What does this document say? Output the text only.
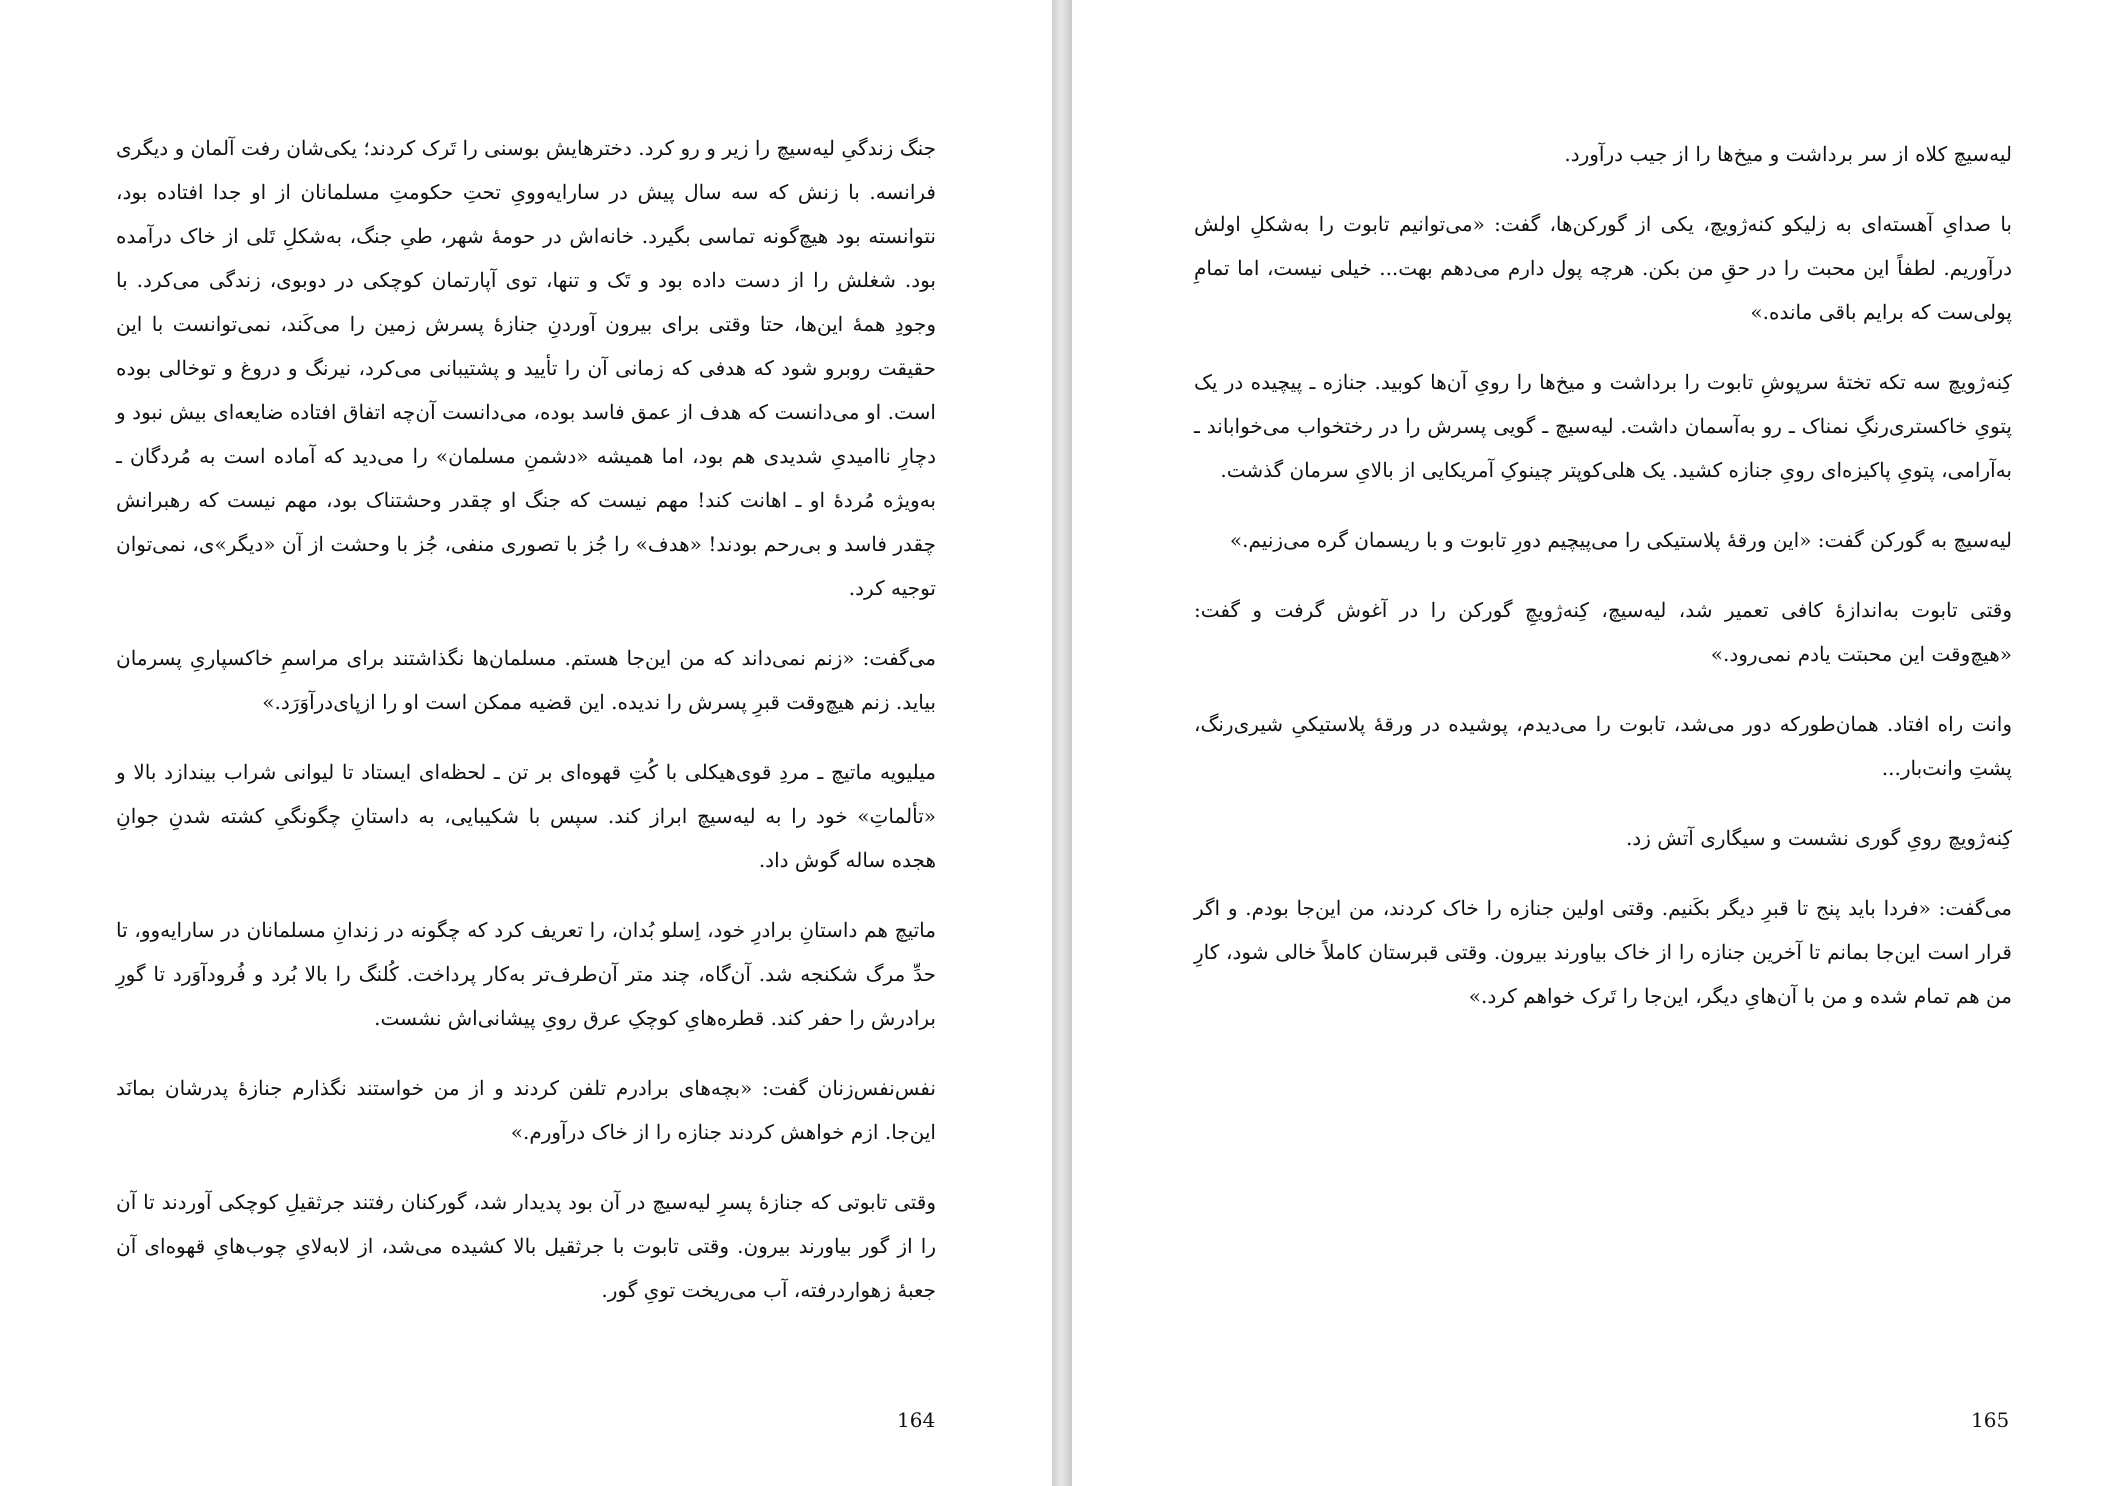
جنگ زندگیِ لیه‌سیچ را زیر و رو کرد. دخترهایش بوسنی را تَرک کردند؛ یکی‌شان رفت آلمان و دیگری فرانسه. با زنش که سه سال پیش در سارایه‌وویِ تحتِ حکومتِ مسلمانان از او جدا افتاده بود، نتوانسته بود هیچ‌گونه تماسی بگیرد. خانه‌اش در حومهٔ شهر، طیِ جنگ، به‌شکلِ تَلی از خاک درآمده بود. شغلش را از دست داده بود و تَک و تنها، توی آپارتمان کوچکی در دوبوی، زندگی می‌کرد. با وجودِ همهٔ این‌ها، حتا وقتی برای بیرون آوردنِ جنازهٔ پسرش زمین را می‌کَند، نمی‌توانست با این حقیقت روبرو شود که هدفی که زمانی آن را تأیید و پشتیبانی می‌کرد، نیرنگ و دروغ و توخالی بوده است. او می‌دانست که هدف از عمق فاسد بوده، می‌دانست آن‌چه اتفاق افتاده ضایعه‌ای بیش نبود و دچارِ ناامیدیِ شدیدی هم بود، اما همیشه «دشمنِ مسلمان» را می‌دید که آماده است به مُردگان ـ به‌ویژه مُردهٔ او ـ اهانت کند! مهم نیست که جنگ او چقدر وحشتناک بود، مهم نیست که رهبرانش چقدر فاسد و بی‌رحم بودند! «هدف» را جُز با تصوری منفی، جُز با وحشت از آن «دیگر»ی، نمی‌توان توجیه کرد.

می‌گفت: «زنم نمی‌داند که من این‌جا هستم. مسلمان‌ها نگذاشتند برای مراسمِ خاکسپاریِ پسرمان بیاید. زنم هیچ‌وقت قبرِ پسرش را ندیده. این قضیه ممکن است او را ازپای‌درآوَرَد.»

میلیویه ماتیچ ـ مردِ قوی‌هیکلی با کُتِ قهوه‌ای بر تن ـ لحظه‌ای ایستاد تا لیوانی شراب بیندازد بالا و «تألماتِ» خود را به لیه‌سیچ ابراز کند. سپس با شکیبایی، به داستانِ چگونگیِ کشته شدنِ جوانِ هجده ساله گوش داد.

ماتیچ هم داستانِ برادرِ خود، اِسلو بُدان، را تعریف کرد که چگونه در زندانِ مسلمانان در سارایه‌وو، تا حدِّ مرگ شکنجه شد. آن‌گاه، چند متر آن‌طرف‌تر به‌کار پرداخت. کُلنگ را بالا بُرد و فُرودآوَرد تا گورِ برادرش را حفر کند. قطره‌هایِ کوچکِ عرق رویِ پیشانی‌اش نشست.

نفس‌نفس‌زنان گفت: «بچه‌های برادرم تلفن کردند و از من خواستند نگذارم جنازهٔ پدرشان بمانَد این‌جا. ازم خواهش کردند جنازه را از خاک درآورم.»

وقتی تابوتی که جنازهٔ پسرِ لیه‌سیچ در آن بود پدیدار شد، گورکنان رفتند جرثقیلِ کوچکی آوردند تا آن را از گور بیاورند بیرون. وقتی تابوت با جرثقیل بالا کشیده می‌شد، از لابه‌لایِ چوب‌هایِ قهوه‌ای آن جعبهٔ زهواردرفته، آب می‌ریخت تویِ گور.

164

لیه‌سیچ کلاه از سر برداشت و میخ‌ها را از جیب درآورد.

با صدایِ آهسته‌ای به زلیکو کنه‌ژویچ، یکی از گورکن‌ها، گفت: «می‌توانیم تابوت را به‌شکلِ اولش درآوریم. لطفاً این محبت را در حقِ من بکن. هرچه پول دارم می‌دهم بهت... خیلی نیست، اما تمامِ پولی‌ست که برایم باقی مانده.»

کِنه‌ژویچ سه تکه تختهٔ سرپوشِ تابوت را برداشت و میخ‌ها را رویِ آن‌ها کوبید. جنازه ـ پیچیده در یک پتویِ خاکستری‌رنگِ نمناک ـ رو به‌آسمان داشت. لیه‌سیچ ـ گویی پسرش را در رختخواب می‌خواباند ـ به‌آرامی، پتویِ پاکیزه‌ای رویِ جنازه کشید. یک هلی‌کوپتر چینوکِ آمریکایی از بالایِ سرمان گذشت.

لیه‌سیچ به گورکن گفت: «این ورقهٔ پلاستیکی را می‌پیچیم دورِ تابوت و با ریسمان گره می‌زنیم.»

وقتی تابوت به‌اندازهٔ کافی تعمیر شد، لیه‌سیچ، کِنه‌ژویچِ گورکن را در آغوش گرفت و گفت: «هیچ‌وقت این محبتت یادم نمی‌رود.»

وانت راه افتاد. همان‌طورکه دور می‌شد، تابوت را می‌دیدم، پوشیده در ورقهٔ پلاستیکیِ شیری‌رنگ، پشتِ وانت‌بار...

کِنه‌ژویچ رویِ گوری نشست و سیگاری آتش زد.

می‌گفت: «فردا باید پنج تا قبرِ دیگر بکَنیم. وقتی اولین جنازه را خاک کردند، من این‌جا بودم. و اگر قرار است این‌جا بمانم تا آخرین جنازه را از خاک بیاورند بیرون. وقتی قبرستان کاملاً خالی شود، کارِ من هم تمام شده و من با آن‌هایِ دیگر، این‌جا را تَرک خواهم کرد.»

165
